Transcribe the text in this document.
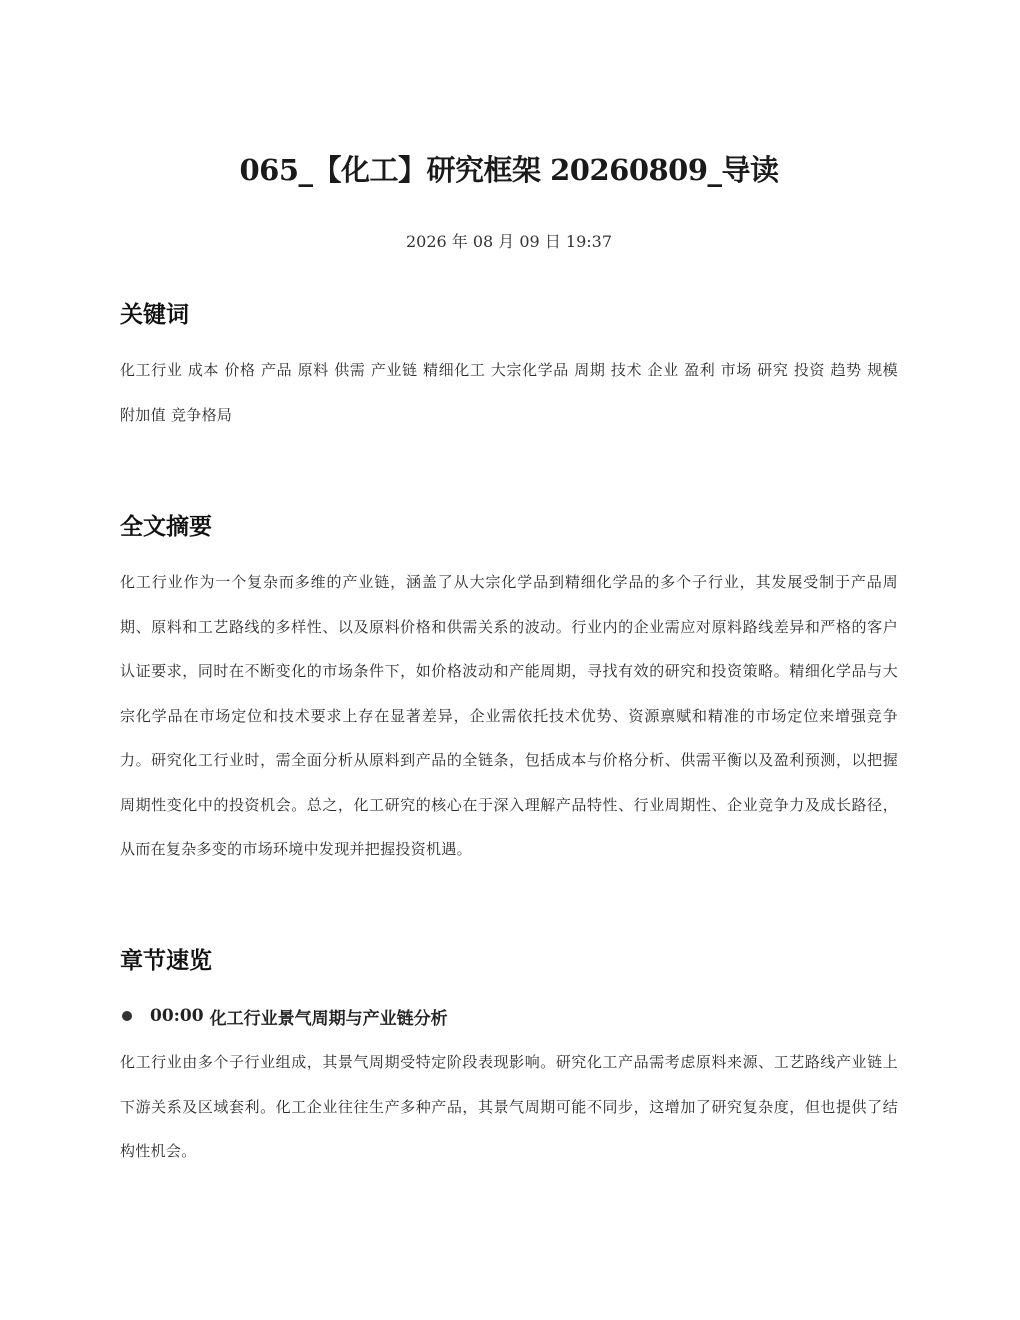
065_【化工】研究框架 20260809_导读

2026 年 08 月 09 日 19:37

关键词

化工行业 成本 价格 产品 原料 供需 产业链 精细化工 大宗化学品 周期 技术 企业 盈利 市场 研究 投资 趋势 规模 附加值 竞争格局

全文摘要

化工行业作为一个复杂而多维的产业链，涵盖了从大宗化学品到精细化学品的多个子行业，其发展受制于产品周期、原料和工艺路线的多样性、以及原料价格和供需关系的波动。行业内的企业需应对原料路线差异和严格的客户认证要求，同时在不断变化的市场条件下，如价格波动和产能周期，寻找有效的研究和投资策略。精细化学品与大宗化学品在市场定位和技术要求上存在显著差异，企业需依托技术优势、资源禀赋和精准的市场定位来增强竞争力。研究化工行业时，需全面分析从原料到产品的全链条，包括成本与价格分析、供需平衡以及盈利预测，以把握周期性变化中的投资机会。总之，化工研究的核心在于深入理解产品特性、行业周期性、企业竞争力及成长路径，从而在复杂多变的市场环境中发现并把握投资机遇。

章节速览
00:00 化工行业景气周期与产业链分析

化工行业由多个子行业组成，其景气周期受特定阶段表现影响。研究化工产品需考虑原料来源、工艺路线产业链上下游关系及区域套利。化工企业往往生产多种产品，其景气周期可能不同步，这增加了研究复杂度，但也提供了结构性机会。
